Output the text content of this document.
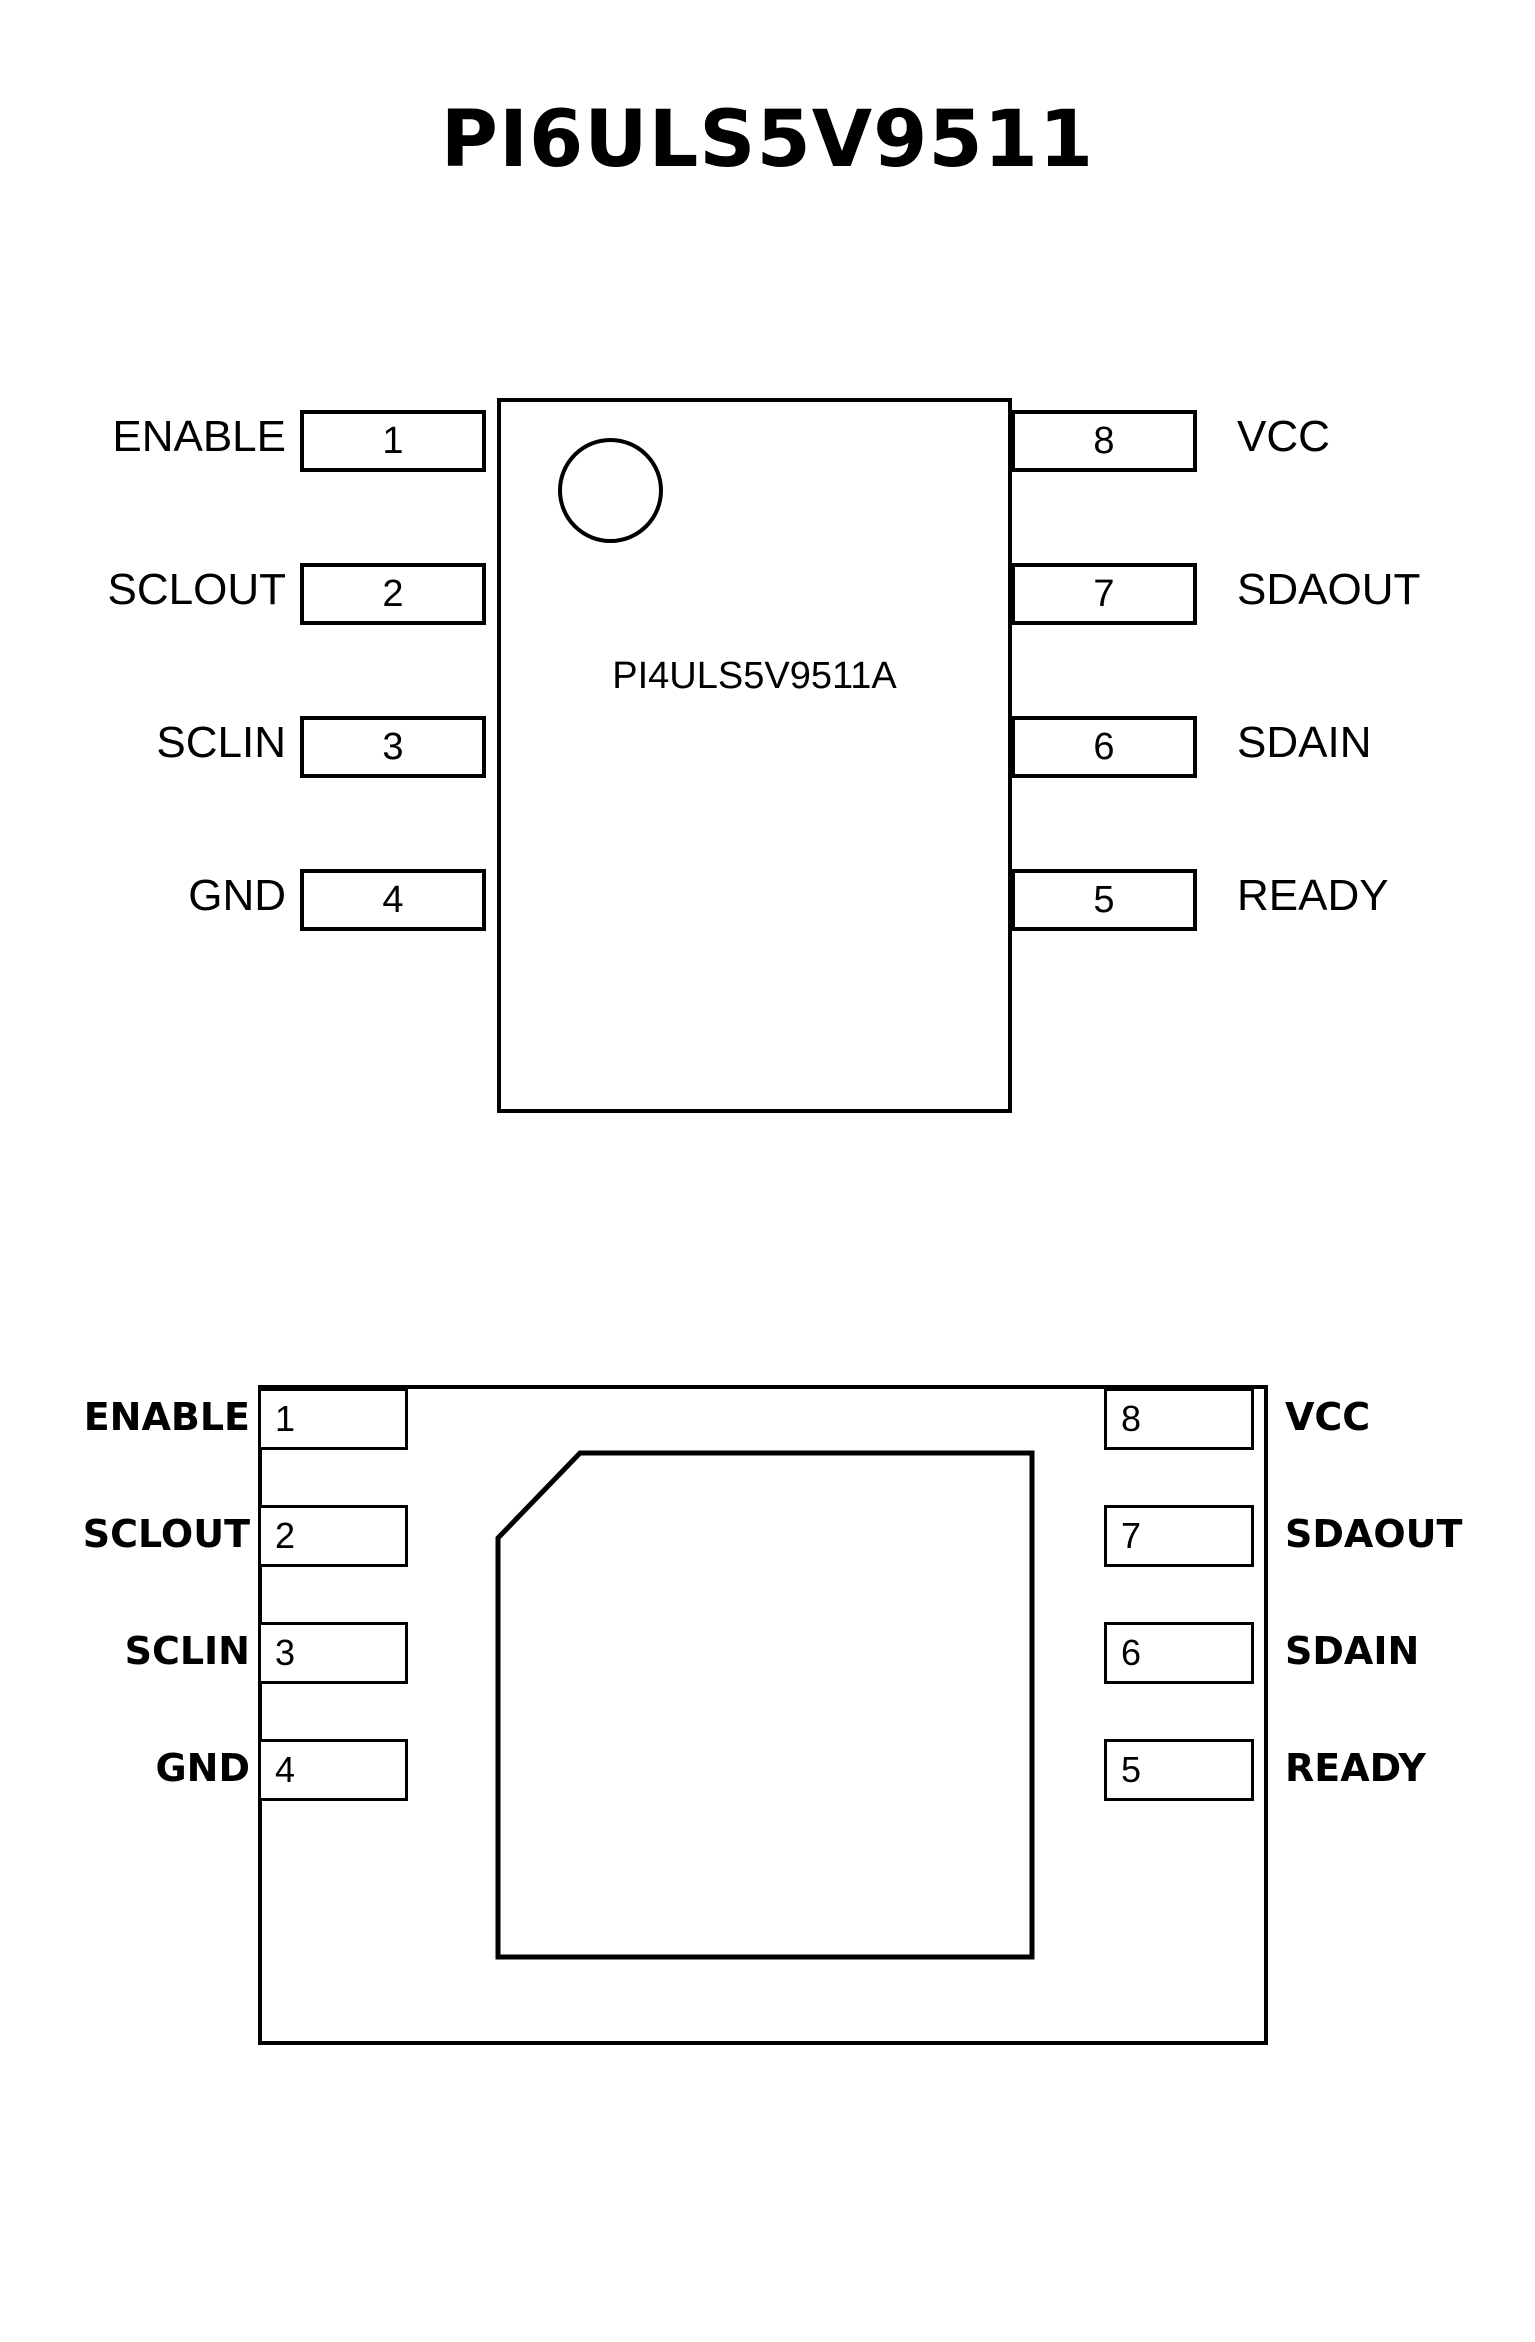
PI6ULS5V9511
1
2
3
4
8
7
6
5
PI4ULS5V9511A
ENABLE
SCLOUT
SCLIN
GND
VCC
SDAOUT
SDAIN
READY
1
2
3
4
8
7
6
5
ENABLE
SCLOUT
SCLIN
GND
VCC
SDAOUT
SDAIN
READY
